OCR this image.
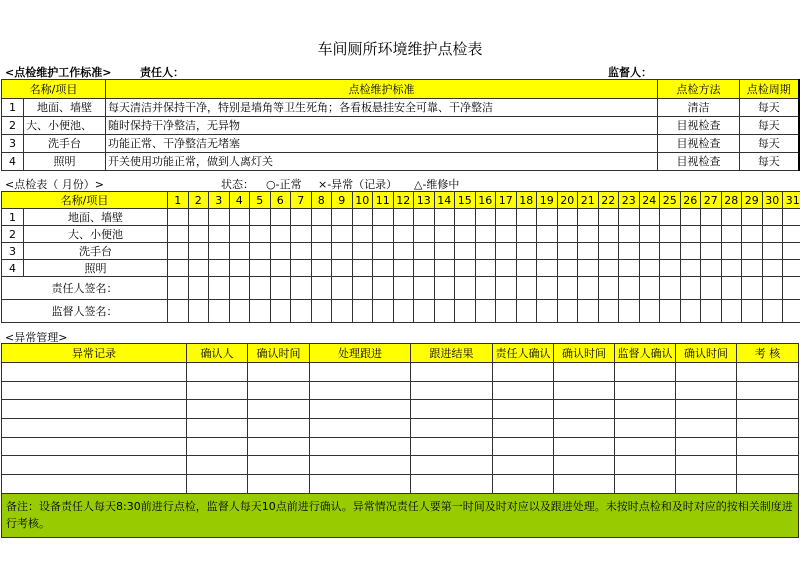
车间厕所环境维护点检表
<点检维护工作标准>	责任人：	监督人：
名称/项目		点检维护标准	点检方法	点检周期
1	地面、墙壁	每天清洁并保持干净，特别是墙角等卫生死角；各看板悬挂安全可靠、干净整洁	清洁	每天
2	大、小便池、	随时保持干净整洁，无异物	目视检查	每天
3	洗手台	功能正常、干净整洁无堵塞	目视检查	每天
4	照明	开关使用功能正常，做到人离灯关	目视检查	每天
<点检表（ 月份）>	状态： ○-正常 ×-异常（记录） △-维修中
名称/项目		1	2	3	4	5	6	7	8	9	10	11	12	13	14	15	16	17	18	19	20	21	22	23	24	25	26	27	28	29	30	31
1	地面、墙壁																															
2	大、小便池																															
3	洗手台																															
4	照明																															
责任人签名：																																
监督人签名：																																
<异常管理>
异常记录	确认人	确认时间	处理跟进	跟进结果	责任人确认	确认时间	监督人确认	确认时间	考 核

备注：设备责任人每天8:30前进行点检，监督人每天10点前进行确认。异常情况责任人要第一时间及时对应以及跟进处理。未按时点检和及时对应的按相关制度进行考核。
